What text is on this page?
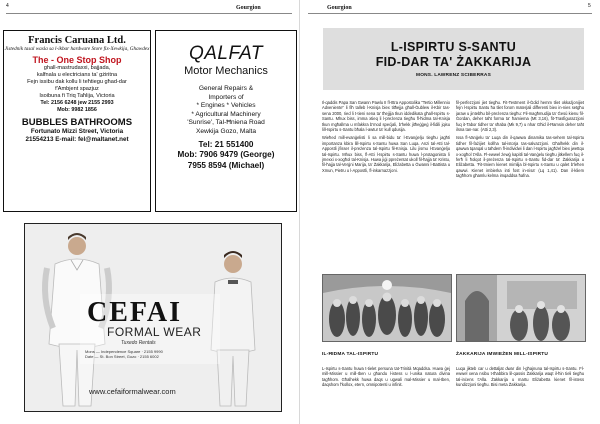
4	Gourgion
Francis Caruana Ltd.
Jistednik tasal wasla sa l-ikbar hardware Store fix-Xewkija, Ghawdex
The - One Stop Shop
ghall-mastrudaxxi, bajjada,
kalfnala u electricians ta' gżiritna
Fejn issibu dak kollu li teħtiegu għad-dar
f'Ambjent spazjuz
Isoibuna fi Triq Taħlija, Victoria
Tel: 2156 6248 jew 2155 2993
Mob: 9982 1856
BUBBLES BATHROOMS
Fortunato Mizzi Street, Victoria
21554213 E-mail: fel@maltanet.net
QALFAT
Motor Mechanics
General Repairs &
Importers of
* Engines * Vehicles
* Agricultural Machinery
'Sunrise', Tal-Ħniena Road
Xewkija Gozo, Malta
Tel: 21 551400
Mob: 7906 9479 (George)
7955 8594 (Michael)
CEFAI
FORMAL WEAR
Tuxedo Rentals
Mons — Independence Square · 2155 9990
Date — St. Bon Street, Gozo · 2155 6002
www.cefaiformalwear.com
Gourgion	5
L-ISPIRTU S-SANTU
FID-DAR TA' ŻAKKARIJA
MONS. LAWRENZ SCIBERRAS

Il-qaddis Papa San Gwann Pawlu II fl-Ittra Appostolika "Tertio Millennio Adveniente" li fiħ talleb l-Knisja biex titħejja għall-Ġublew il-Kbir tas-sena 2000, ried li t-tieni sena ta' tħejjija tkun iddedikata għall-Ispirtu s-Santu. Mhux biss, imma xtieq li l-preżenza tiegħu fl-ħidma tal-Knisja tkun mgħallma u mfakkra b'mod speċjali, b'hekk jitħeġġeġ il-fidili jqisu lill-Ispirtu s-Santu bħala l-awtur ta' kull qdusija.

Wieħed mill-evanġelisti li sa mill-bidu ta' l-Evanġelju tiegħu jagħti importanza kbira lill-Ispirtu s-Santu huwa San Luqa. Anzi tal-Atti tal-Appostli jfisser il-preżenza tal-Ispirtu fil-Knisja. Lilu jismu l-Evanġelju tal-Ispirtu. Mhux biss, fl-Atti l-Ispirtu s-Santu huwa l-protagonista li jmexxi x-xogħol tal-Knisja. Huwa jiġi ppreżentat ukoll fil-ħajja ta' Kristu, fil-ħajja tal-Verġni Marija, ta' Żakkarija, Eliżabetta u Ġwanni l-Battista u Xmun, Pietru u l-Appostli, fl-inkarnazzjoni.

fil-perfezzjoni jiet tiegħu. Fit-Testment il-Ġdid hemm tliet okkażjonijiet fejn l-Ispirtu Santu ħa tliet forom materjali differenti biex in-nies setgħu jaraw u jintebħu bil-preżenza tiegħu: Fil-magħmudija ta' Ġesù kienu fil-Ġordan, deher taħt forma ta' ħamiema (Mt 3,16), fit-Trasfigurazzjoni fuq it-Tabor tidher ta' sħaba (Mk 9,7) u nhar Għid il-Ħamsin deher taħt ilsna tan-nar. (Atti 2,3).

Issa fl-Vanġelu ta' Luqa din il-qawwa dinamika tas-sehem tal-Ispirtu tidher fil-fażijiet kollha tal-istorja tas-salvazzjoni. Għalhekk din il-qawwa tqanqal u taħdem fl-individwi li dan l-Ispirtu jagħżel biex jwettqu x-xogħol t'Alla. Fl-ewwel żewġ kapitli tal-Vanġelu tiegħu jitkellem fuq il-ferħ li ħolqot il-preżenza tal-Ispirtu s-Santu fid-dar ta' Żakkarija u Eliżabetta. 'Fit-tmiem kienet mimlija bl-Ispirtu s-Santu u qalet b'leħen qawwi. Kienet imbierka inti fost in-nisa' (Lq 1,41). Dan il-kliem tagħhom għamlu kelma imqaddsa ħafna.

IL-ĦIDMA TAL-ISPIRTU	ŻAKKARIJA IMWIEŻEN MILL-ISPIRTU

L-Ispirtu s-Santu huwa t-tielet persuna tat-Trinità Mqaddsa. Huwa ġej mill-Missier u mill-Iben u għandu l-istess u l-unika natura divina tagħhom. Għalhekk huwa daqs u ugwali mal-Missier u mal-Iben, daqshom f'kollox, etern, omnipotenti u infinit.

Luqa jikteb car u dettaljat dwar din l-għajnuna tal-Ispirtu s-Santu. Fl-ewwel xena nsibu t-tħabbira lil-qassis Żakkarija waqt il-ħin tieli tiegħu tal-inċens t'Alla. Żakkarija u martu Eliżabetta kienet fil-istess kundizzjoni tiegħu. Bisi meta Żakkarija.
